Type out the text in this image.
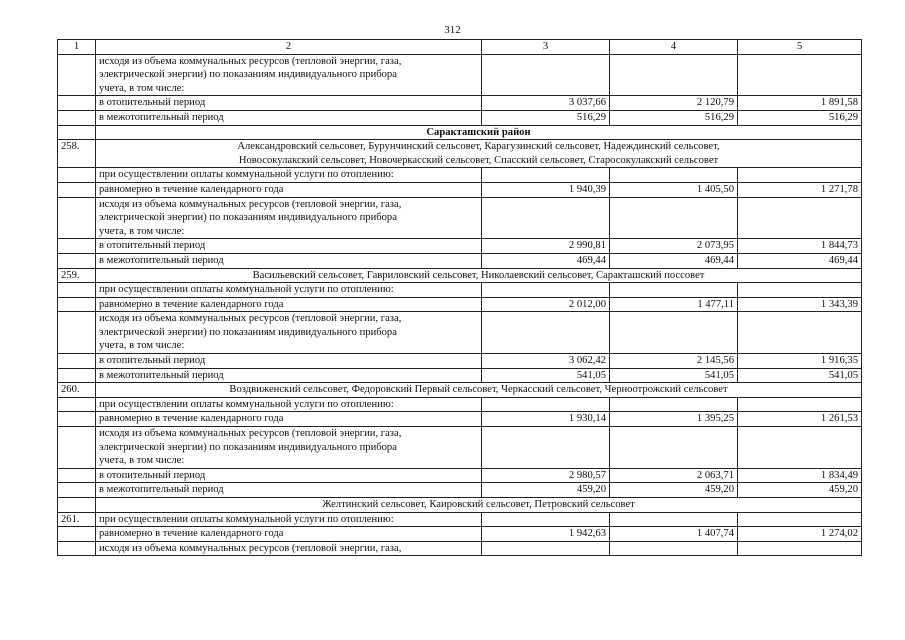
312
1	2	3	4	5

	исходя из объема коммунальных ресурсов (тепловой энергии, газа,
электрической энергии) по показаниям индивидуального прибора
учета, в том числе:			

	в отопительный период	3 037,66	2 120,79	1 891,58
	в межотопительный период	516,29	516,29	516,29
	Саракташский район			
258.	Александровский сельсовет, Бурунчинский сельсовет, Карагузинский сельсовет, Надеждинский сельсовет,
Новосокулакский сельсовет, Новочеркасский сельсовет, Спасский сельсовет, Старосокулакский сельсовет			

	при осуществлении оплаты коммунальной услуги по отоплению:			
	равномерно в течение календарного года	1 940,39	1 405,50	1 271,78

	исходя из объема коммунальных ресурсов (тепловой энергии, газа,
электрической энергии) по показаниям индивидуального прибора
учета, в том числе:			

	в отопительный период	2 990,81	2 073,95	1 844,73
	в межотопительный период	469,44	469,44	469,44
259.	Васильевский сельсовет, Гавриловский сельсовет, Николаевский сельсовет, Саракташский поссовет			
	при осуществлении оплаты коммунальной услуги по отоплению:			
	равномерно в течение календарного года	2 012,00	1 477,11	1 343,39

	исходя из объема коммунальных ресурсов (тепловой энергии, газа,
электрической энергии) по показаниям индивидуального прибора
учета, в том числе:			

	в отопительный период	3 062,42	2 145,56	1 916,35
	в межотопительный период	541,05	541,05	541,05
260.	Воздвиженский сельсовет, Федоровский Первый сельсовет, Черкасский сельсовет, Черноотрожский сельсовет			
	при осуществлении оплаты коммунальной услуги по отоплению:			
	равномерно в течение календарного года	1 930,14	1 395,25	1 261,53

	исходя из объема коммунальных ресурсов (тепловой энергии, газа,
электрической энергии) по показаниям индивидуального прибора
учета, в том числе:			

	в отопительный период	2 980,57	2 063,71	1 834,49
	в межотопительный период	459,20	459,20	459,20
	Желтинский сельсовет, Каировский сельсовет, Петровский сельсовет			
261.	при осуществлении оплаты коммунальной услуги по отоплению:			
	равномерно в течение календарного года	1 942,63	1 407,74	1 274,02
	исходя из объема коммунальных ресурсов (тепловой энергии, газа,			
